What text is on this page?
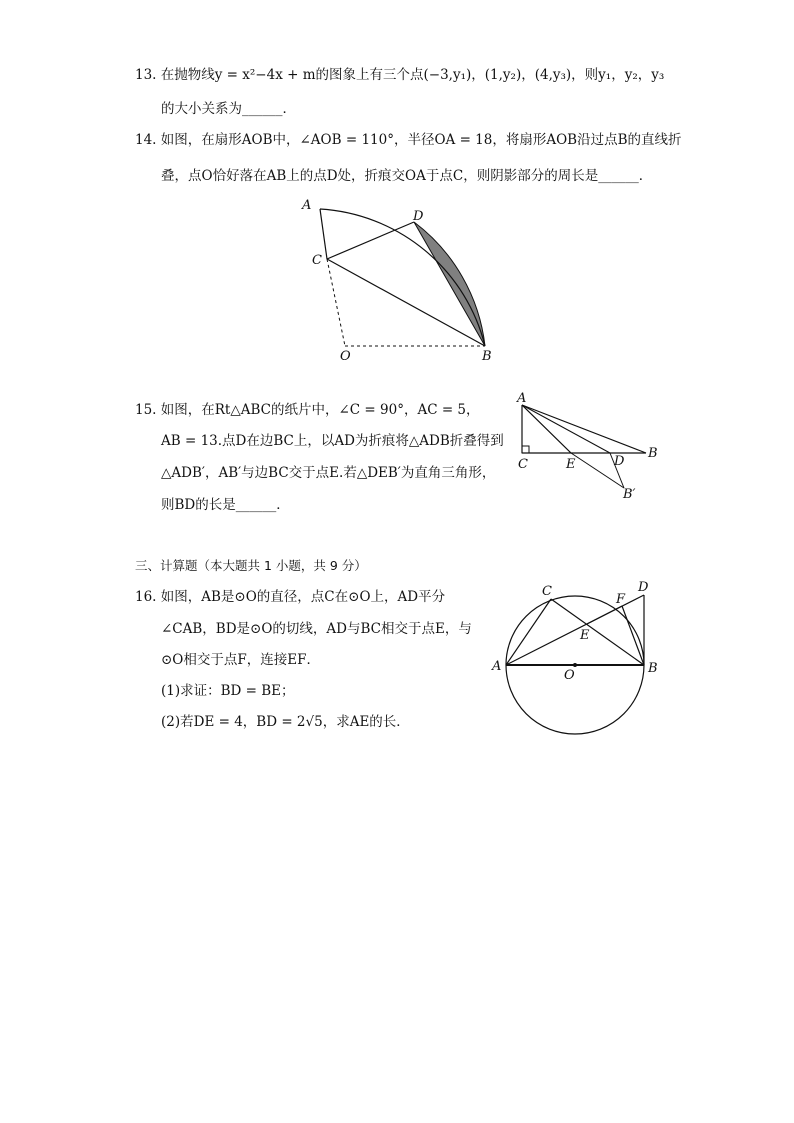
13. 在抛物线y = x²−4x + m的图象上有三个点(−3,y₁)，(1,y₂)，(4,y₃)，则y₁，y₂，y₃
的大小关系为______．
14. 如图，在扇形AOB中，∠AOB = 110°，半径OA = 18，将扇形AOB沿过点B的直线折
叠，点O恰好落在AB上的点D处，折痕交OA于点C，则阴影部分的周长是______．
A
D
C
O	B
15. 如图，在Rt△ABC的纸片中，∠C = 90°，AC = 5，
AB = 13.点D在边BC上，以AD为折痕将△ADB折叠得到
△ADB′，AB′与边BC交于点E.若△DEB′为直角三角形，
则BD的长是______．
A
B
C	E	D
B′
三、计算题（本大题共 1 小题，共 9 分）
16. 如图，AB是⊙O的直径，点C在⊙O上，AD平分
∠CAB，BD是⊙O的切线，AD与BC相交于点E，与
⊙O相交于点F，连接EF．
(1)求证：BD = BE；
(2)若DE = 4，BD = 2√5，求AE的长．
C
F
D
E
A
O	B
